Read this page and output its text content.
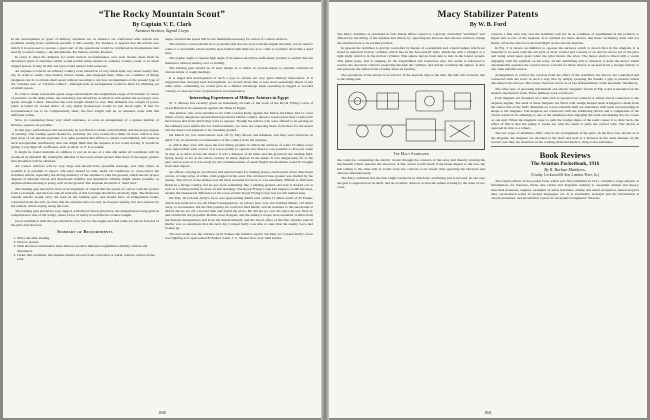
“The Rocky Mountain Scout”
By Captain V. E. Clark
Aviation Section, Signal Corps

In the development of types of military airplanes we, in America are confronted with certain new problems arising from conditions peculiar to this country. For instance, it appears that the terrain over which it is proposed to operate a great part of the operations would be conducted in mountainous and heavily wooded country—the Alleghenies, the Sierras, and the Rockies.

In order to meet the demand, for aerial tactical reconnaissance over such terrain, there must be developed types of airplanes which would permit being landed on ordinary country roads, or in small rugged spaces. It may be that one type would answer both purposes.

An airplane to land in an ordinary country road, should be of very small span, say, about twenty feet, say, in order to safely clear bushes, fences, banks, and telegraph lines. There are a number of things designers can do to obtain small speed without resorting to any few arrangements of the present type of the ‘variable area’ or ‘variable camber’, although such an arrangement would be ideal for climbing out of small spaces.

In order to make reasonable speed range and maintain the longitudinal range of movement of center of pressure on the main plane, the enclosing area should be as small as will permit the necessary slow speed, through a short. Therefore the total weight should be low. This demands low weight of power plant. A radial air cooled motor of, say, eighty horsepower would be just about right. If fuel for reconnaissance are to be comparatively short, the fuel weight will be, as measure, even with this sufficient radius.

Now, in considering these very small airplanes, or even an arrangement of a greater number of fixtures, squares are possible.

In this type, performance will necessarily be sacrificed to obtain controllability and the proper degree of stability. The landing speed should be, probably not over twenty-five miles an hour, which is less than most of our pursuit airplanes. It is quite probable that efforts to obtain controllability will result in such aerodynamic inefficiency that one might think that the airplane is not worth having. It would be giving a very high lift coefficient, such as the R. A. F. 6, is useful.

It might be found desirable in addition to put air in use of a side slip under all conditions will be produced by dihedral. By raising the dihedral of the lower planes greater than those of the upper, greater lean shoulders will be obtained.

All control surfaces will be very large and should have powerful leverage, and with cables as possible it is possible to expect. The pilot should be able, under all conditions, to over-control the stabilizer efforts, especially the diving tendency of the airplane to take the ground, which has the proper degrees of inherent lateral and directional stability and dynamical stability might render possible, as airplane manoeuvering is pretty well on the ground. The airplane should be a ‘dead bird’.

The landing gear should be such an arrangement of wheels that the points of contact with the ground form a rectangle, and the fore-and-aft intervals of this rectangle should be relatively light. The main rear outside wheels would carry the load on the landing gear, and should have an independent brake, controlled from the seat, in order that the airplane may not only be stopped quickly, but also steered, by the wheels, when taxying along the road.

The landing gear should be very rugged, with liberal shock absorbers, the strength here being great in comparison to that of the wings, where factor of safety is sacrificed to reduce weight.

Good ventilation with the type should be very low for the engine and fuel tanks are placed forward of the pilot and observer.

Summary of Requirements
1. Short run after landing.
2. Narrow spread.
3. With elevators abandoned, there must be positive inherent longitudinal stability, statical and dynamical.
4. Under this condition, the airplane should recover from a bad dive or spiral, with no control of the pilot.

angle, and that the speed will be the minimum necessary for action of control surfaces.

The elevator control should be so powerful that the tail, even with the engine throttled, can be used to come to a reasonable extent and the nose landed with little ton, as to come to as flatter down like a dead bird.

The engine ought to require high angle of incidence should be sufficiently positive to permit this last maneuver without turning over or stalling.

The landing gear should be of such design as to suffer no serious injury to airplane structure in various kinds of rough landings.

It is urged that development of such a type is carried out very great military importance. It is suggested that, through such development, we would, alone fine or less, have essentially ahead of any other army—something we would give us a distinct advantage when operating in rugged or wooded country, to exercise close cooperation in reconnaissance.

Interesting Experiences of Military Aviators in Egypt

W. T. Massey has recently given an interesting account of the work of the Royal Flying Corps of Great Britain in its operations against the Turks in Egypt:

The airmen, who were detailed to act with Colonel Kelly against the Sultan Ali Dinar, had to cover much of very dangerous and uncharted ground in Darfur country. About a week before they could reach the fortress and from which they were to operate. Though the natives who were offered to be serving on the railhead were ineffective for reinforcements, we were not expecting these from there for the desert and the desert was planned to be a landing ground.

On March 22, tow observations took off by Tiny Moore and Kinahan, and they were followed on April 5 by an extensive reconnaissance of the country from the airplane.

to which they were still open the four flying ground on which the surfaces of some 15 miles away were approached with control of it was possible to operate and where it was possible to discover some as near as to drive across the desert. It was a distance of 40 miles and the ground at the landing field, flying nearly as far as the whole country in many degrees in the shade. It was dangerously far to the east, and as soon as it was ready for the commencement of aerial flights the machines could be brought from their depots.

An officer carrying in an advance had selected sand for landing places, and had put down directional arrows of long strips of white cloth pegged in the sand. The advanced base ground was shelled by the enemy. The arrival of the airmen was the most essential fact here. It was extremely difficult to find such fields in a flying country, but he got upon something like a landing ground, and had it cleared out as well as it could possibly be done on that morning. The Royal Flying Corps had begun to bomb the lines, despite the unexpected difference of the road, and the Royal Flying Corps was not left behind long.

On May 16 Colonel Kelly's force was approaching Mellit and, within 15 miles north of El Fasher, which was believed to be Ali Dinar's headquarters, an aviator flew over and bombed Mellit, 110 miles away, to reconnoiter. On his first journey he could not find Mellit, and he returned to the aerodrome at Abiad, but he set off a second time and found the place. He did not go over the place he was fired at, and a bullet hit the propeller. Bombs were dropped, and the enemy's troops were scattered. A letter from the Sultan's headquarters and from the Sultan himself, and the moral effect of the first airplane seen in Darfur was so enormous that the next day Colonel Kelly was able to state that the enemy force had broken up.

The next event was the advance on El Fasher, the Sultan's capital. On May 22, Colonel Kelly's force was fighting as it approached El Fasher. Lieut. J. C. Slessor flew over with bombs.

1040
Macy Stabilizer Patents
By W. B. Ford

The Macy stabilizer as presented in four Patent Office reports is a gravity controlled “stabilizer” and affected by the tilting of the airplane and which, by operating the ailerons and elevator surfaces, brings the airplane back to its normal position.

In general the stabilizer is gravity controlled by means of a pendulum and a metal sphere which are based in spherical hollow cylinder, which lies in the fore-and-aft balls. Inside the tube a plunger or a tight slight which is in the hollow cylinder. This sphere moves from side to side in the lateral system. This guide plate, that is slipping. In the longitudinal and transverse axis, the center is balanced to receive the electrical contacts projecting through the cylinder, and merely touching the sphere. A shot and pin keep the sphere from rotating about its bearing.

The operations of the device is as follows: If the airplane dips to the side, the ball rolls forward, due to the tilting and

The Macy Stabilizer

the contactor, completing the electric circuit through the contacts of the relay and thereby starting the mechanism which operates the elevators. A like action would result if the plane dipped to the rear, the ball rolling to the other side. It would close two contacts to be closed, thus operating the elevators and ailerons simultaneously.

The Macy stabilizer has the four slight variations in which the oscillating part is pivoted. In one case the gear is supported on its shaft, and an eccentric drives it so that the sphere is hung by the arms of two cross.

controls a fine wire reel, and the stabilizer will not be in condition of equilibrium in the position or figure and at rest of the airplane. It is claimed for these devices that these oscillating units will not flutter; offset the tiny force the ball might on the aircraft airplane.

In Fig. 3 is shown an inhibitor to operate the surfaces which is shown first in the diagram. It is intended to be used with the old style of lever control and consists of an electric motor set of the pilot and being acted upon gears when the pilot moves the lever. The motor shaft is fitted with a worm engaging with the segment on the lever. As the stabilizing unit is vibrated, it starts the motor which automatically operates the control levers. Current for these motors is secured from a storage battery or any other suitable source.

Arrangement to control the controls from the effect of the stabilizer, the motors are controlled and connected with the lever in such a way that by simply grasping the handle a grip is pressed which disconnects the motors. The aviator then has levers as of last independently of the automatic machinery.

The other type of operating mechanism one electric magnetic shown in Fig. 4 and is intended for the modern mechanical form. These unlikely work as follows:

Four magnets are mounted on a disk each is operated by solenoid or wheel and is connected to the airplane engine. The ends of these magnets are fitted with wedge shaped teeth arranged to mesh from the center line of the shaft. Mounted on a non-rotatable shaft are armatures with teeth corresponding in shape to the magnets. The magnets are connected with the stabilizing device and a completion of the circuit results in its adhering to one of the armatures thus engaging the teeth and making the two rotate as one unit. When the magnets cease to pull, the wedge shape of the teeth causes it to slide back, the effect of this is that the pulley it tracks not with the drum or pulls the control wire. The device is operated in ratio to a wheel.

The two types of machines differ only in the arrangement of the parts. In the first case, shown as at the diagram, the magnets are attached to the shaft and held at a distance in the same manner. In the second case they are mounted on the rotating shaft and made to cling to the armatures.

Book Reviews
The Aviation Pocketbook, 1916
By R. Borlase Matthews.
(Crosby, Lockwood & Son, London. Price, 3s.)

The fourth edition of the pocket book which was first published in 1911, contains a large amount of information, for instance, many new tables and diagrams relating to aeroplane design and theory, structural materials, engines, examples of aerial machines, airship and aerial navigation, meteorological data, aeronautical terms in several languages, etc. It is excellently arranged and the information is clearly presented, and should find a place in aeronautical engineers’ libraries.

1041
